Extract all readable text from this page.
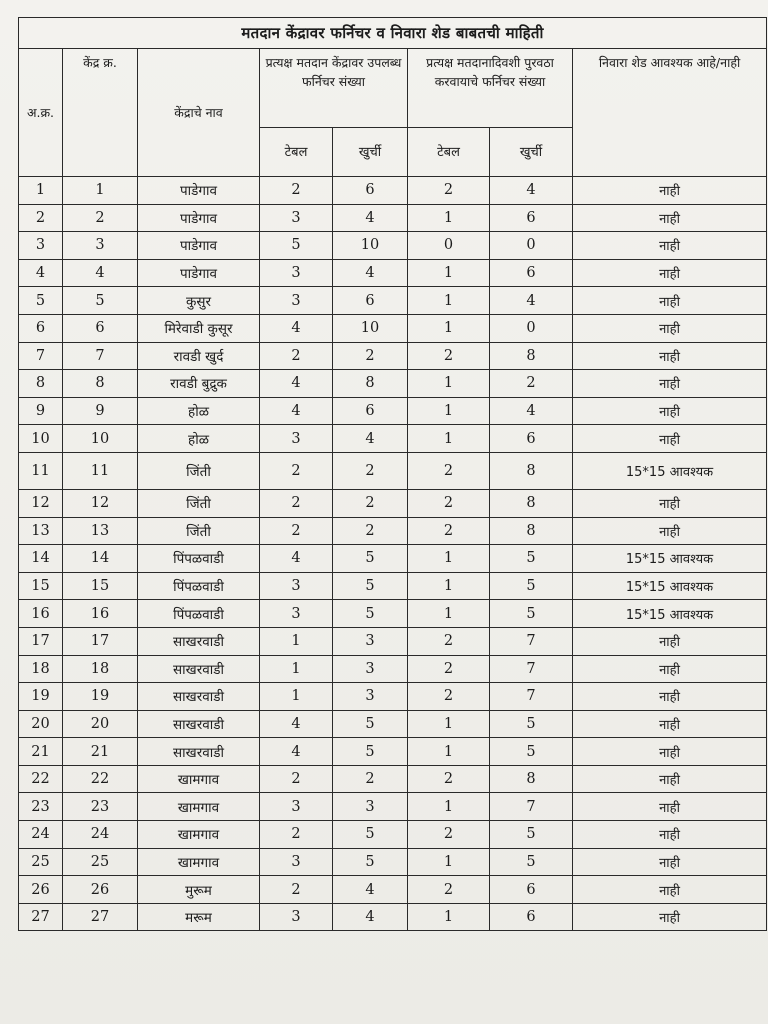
मतदान केंद्रावर फर्निचर व निवारा शेड बाबतची माहिती							
अ.क्र.	केंद्र क्र.	केंद्राचे नाव	प्रत्यक्ष मतदान केंद्रावर उपलब्ध फर्निचर संख्या		प्रत्यक्ष मतदानादिवशी पुरवठा करवायाचे फर्निचर संख्या		निवारा शेड आवश्यक आहे/नाही
			टेबल	खुर्ची	टेबल	खुर्ची	
1	1	पाडेगाव	2	6	2	4	नाही
2	2	पाडेगाव	3	4	1	6	नाही
3	3	पाडेगाव	5	10	0	0	नाही
4	4	पाडेगाव	3	4	1	6	नाही
5	5	कुसुर	3	6	1	4	नाही
6	6	मिरेवाडी कुसूर	4	10	1	0	नाही
7	7	रावडी खुर्द	2	2	2	8	नाही
8	8	रावडी बुद्रुक	4	8	1	2	नाही
9	9	होळ	4	6	1	4	नाही
10	10	होळ	3	4	1	6	नाही
11	11	जिंती	2	2	2	8	15*15 आवश्यक
12	12	जिंती	2	2	2	8	नाही
13	13	जिंती	2	2	2	8	नाही
14	14	पिंपळवाडी	4	5	1	5	15*15 आवश्यक
15	15	पिंपळवाडी	3	5	1	5	15*15 आवश्यक
16	16	पिंपळवाडी	3	5	1	5	15*15 आवश्यक
17	17	साखरवाडी	1	3	2	7	नाही
18	18	साखरवाडी	1	3	2	7	नाही
19	19	साखरवाडी	1	3	2	7	नाही
20	20	साखरवाडी	4	5	1	5	नाही
21	21	साखरवाडी	4	5	1	5	नाही
22	22	खामगाव	2	2	2	8	नाही
23	23	खामगाव	3	3	1	7	नाही
24	24	खामगाव	2	5	2	5	नाही
25	25	खामगाव	3	5	1	5	नाही
26	26	मुरूम	2	4	2	6	नाही
27	27	मरूम	3	4	1	6	नाही
